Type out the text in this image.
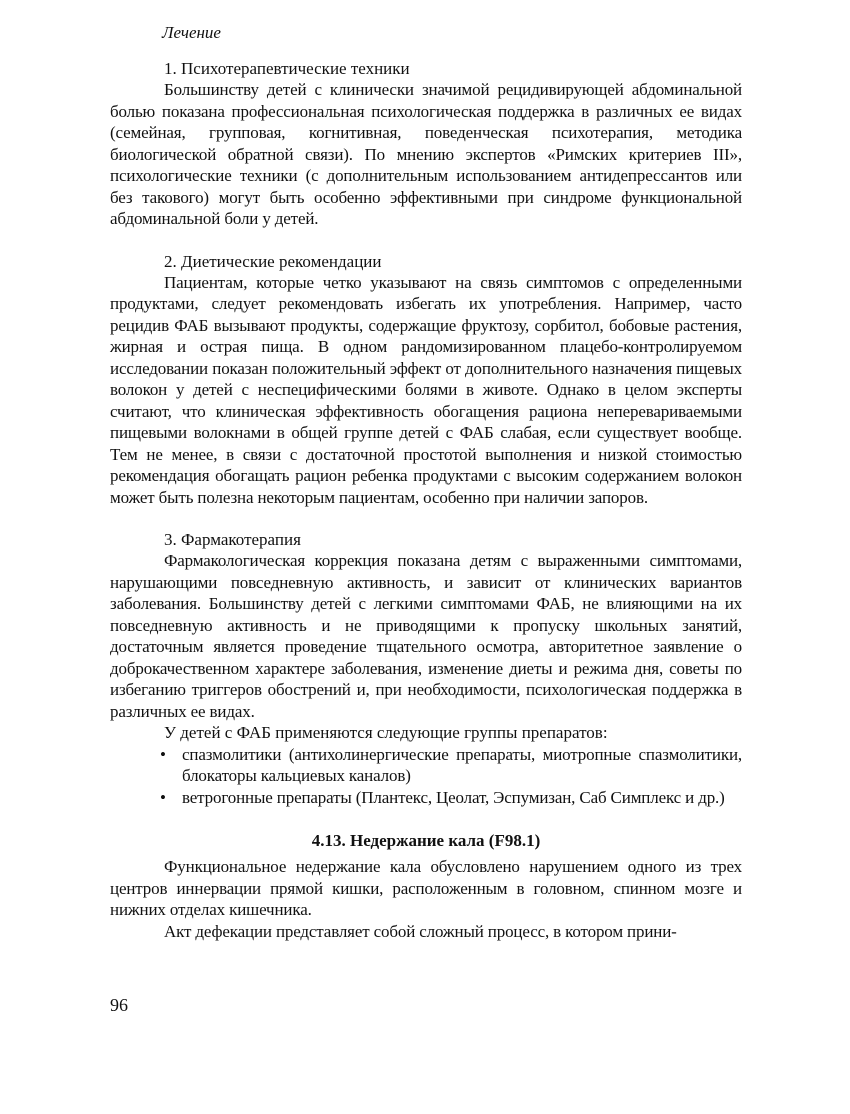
Лечение
1. Психотерапевтические техники

Большинству детей с клинически значимой рецидивирующей абдоминальной болью показана профессиональная психологическая поддержка в различных ее видах (семейная, групповая, когнитивная, поведенческая психотерапия, методика биологической обратной связи). По мнению экспертов «Римских критериев III», психологические техники (с дополнительным использованием антидепрессантов или без такового) могут быть особенно эффективными при синдроме функциональной абдоминальной боли у детей.

2. Диетические рекомендации

Пациентам, которые четко указывают на связь симптомов с определенными продуктами, следует рекомендовать избегать их употребления. Например, часто рецидив ФАБ вызывают продукты, содержащие фруктозу, сорбитол, бобовые растения, жирная и острая пища. В одном рандомизированном плацебо-контролируемом исследовании показан положительный эффект от дополнительного назначения пищевых волокон у детей с неспецифическими болями в животе. Однако в целом эксперты считают, что клиническая эффективность обогащения рациона неперевариваемыми пищевыми волокнами в общей группе детей с ФАБ слабая, если существует вообще. Тем не менее, в связи с достаточной простотой выполнения и низкой стоимостью рекомендация обогащать рацион ребенка продуктами с высоким содержанием волокон может быть полезна некоторым пациентам, особенно при наличии запоров.

3. Фармакотерапия

Фармакологическая коррекция показана детям с выраженными симптомами, нарушающими повседневную активность, и зависит от клинических вариантов заболевания. Большинству детей с легкими симптомами ФАБ, не влияющими на их повседневную активность и не приводящими к пропуску школьных занятий, достаточным является проведение тщательного осмотра, авторитетное заявление о доброкачественном характере заболевания, изменение диеты и режима дня, советы по избеганию триггеров обострений и, при необходимости, психологическая поддержка в различных ее видах.

У детей с ФАБ применяются следующие группы препаратов:
• спазмолитики (антихолинергические препараты, миотропные спазмолитики, блокаторы кальциевых каналов)
• ветрогонные препараты (Плантекс, Цеолат, Эспумизан, Саб Симплекс и др.)
4.13. Недержание кала (F98.1)

Функциональное недержание кала обусловлено нарушением одного из трех центров иннервации прямой кишки, расположенным в головном, спинном мозге и нижних отделах кишечника.

Акт дефекации представляет собой сложный процесс, в котором прини-

96
